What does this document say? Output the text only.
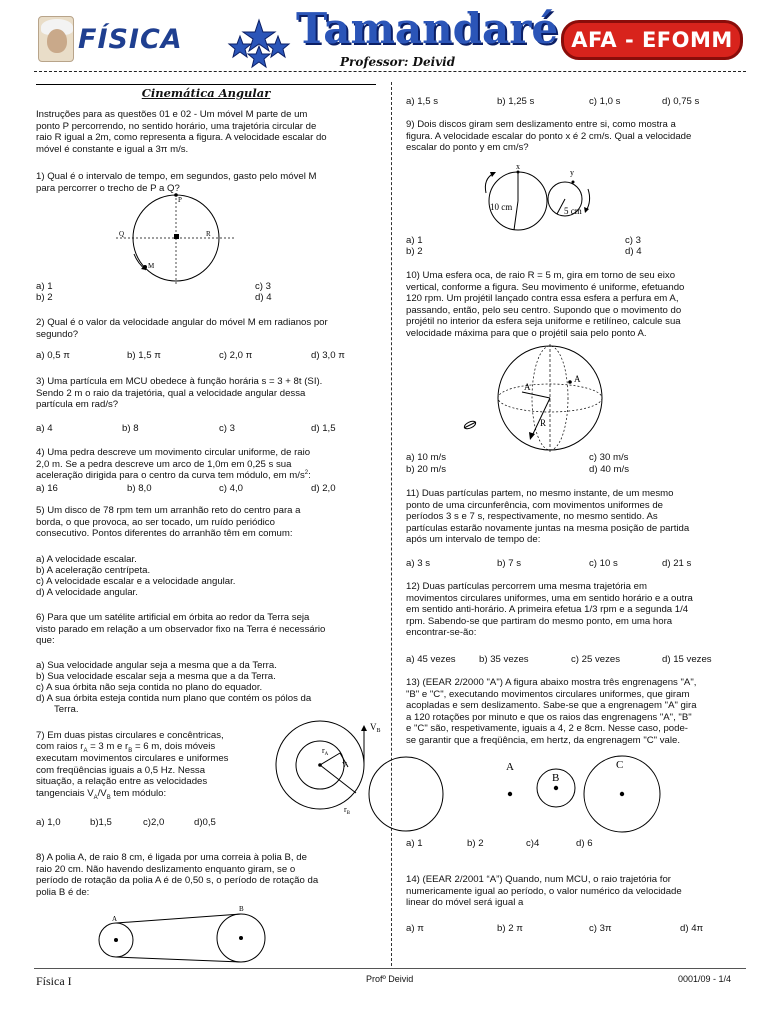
FÍSICA	Tamandaré
Professor: Deivid
AFA - EFOMM
Cinemática Angular
Instruções para as questões 01 e 02 - Um móvel M parte de um
ponto P percorrendo, no sentido horário, uma trajetória circular de
raio R igual a 2m, como representa a figura. A velocidade escalar do
móvel é constante e igual a 3π m/s.
1) Qual é o intervalo de tempo, em segundos, gasto pelo móvel M
para percorrer o trecho de P a Q?
P
Q	R
M
a) 1	c) 3
b) 2	d) 4
2) Qual é o valor da velocidade angular do móvel M em radianos por
segundo?
a) 0,5 π	b) 1,5 π	c) 2,0 π	d) 3,0 π
3) Uma partícula em MCU obedece à função horária s = 3 + 8t (SI).
Sendo 2 m o raio da trajetória, qual a velocidade angular dessa
partícula em rad/s?
a) 4	b) 8	c) 3	d) 1,5
4) Uma pedra descreve um movimento circular uniforme, de raio
2,0 m. Se a pedra descreve um arco de 1,0m em 0,25 s sua
aceleração dirigida para o centro da curva tem módulo, em $m/s^2$:
a) 16	b) 8,0	c) 4,0	d) 2,0
5) Um disco de 78 rpm tem um arranhão reto do centro para a
borda, o que provoca, ao ser tocado, um ruído periódico
consecutivo. Pontos diferentes do arranhão têm em comum:
a) A velocidade escalar.
b) A aceleração centrípeta.
c) A velocidade escalar e a velocidade angular.
d) A velocidade angular.
6) Para que um satélite artificial em órbita ao redor da Terra seja
visto parado em relação a um observador fixo na Terra é necessário
que:
a) Sua velocidade angular seja a mesma que a da Terra.
b) Sua velocidade escalar seja a mesma que a da Terra.
c) A sua órbita não seja contida no plano do equador.
d) A sua órbita esteja contida num plano que contém os pólos da
Terra.
7) Em duas pistas circulares e concêntricas,
com raios $r_A = 3$ m e $r_B = 6$ m, dois móveis
executam movimentos circulares e uniformes
com freqüências iguais a 0,5 Hz. Nessa
situação, a relação entre as velocidades
tangenciais $V_A/V_B$ tem módulo:
$V_B$
$r_A$
V
$r_B$
a) 1,0	b)1,5	c)2,0	d)0,5
8) A polia A, de raio 8 cm, é ligada por uma correia à polia B, de
raio 20 cm. Não havendo deslizamento enquanto giram, se o
período de rotação da polia A é de 0,50 s, o período de rotação da
polia B é de:
A
B
a) 1,5 s	b) 1,25 s	c) 1,0 s	d) 0,75 s
9) Dois discos giram sem deslizamento entre si, como mostra a
figura. A velocidade escalar do ponto x é 2 cm/s. Qual a velocidade
escalar do ponto y em cm/s?
x
y
10 cm	5 cm
a) 1	c) 3
b) 2	d) 4
10) Uma esfera oca, de raio R = 5 m, gira em torno de seu eixo
vertical, conforme a figura. Seu movimento é uniforme, efetuando
120 rpm. Um projétil lançado contra essa esfera a perfura em A,
passando, então, pelo seu centro. Supondo que o movimento do
projétil no interior da esfera seja uniforme e retilíneo, calcule sua
velocidade máxima para que o projétil saia pelo ponto A.
A
A
R
a) 10 m/s	c) 30 m/s
b) 20 m/s	d) 40 m/s
11) Duas partículas partem, no mesmo instante, de um mesmo
ponto de uma circunferência, com movimentos uniformes de
períodos 3 s e 7 s, respectivamente, no mesmo sentido. As
partículas estarão novamente juntas na mesma posição de partida
após um intervalo de tempo de:
a) 3 s	b) 7 s	c) 10 s	d) 21 s
12) Duas partículas percorrem uma mesma trajetória em
movimentos circulares uniformes, uma em sentido horário e a outra
em sentido anti-horário. A primeira efetua 1/3 rpm e a segunda 1/4
rpm. Sabendo-se que partiram do mesmo ponto, em uma hora
encontrar-se-ão:
a) 45 vezes b) 35 vezes	c) 25 vezes	d) 15 vezes
13) (EEAR 2/2000 "A") A figura abaixo mostra três engrenagens "A",
"B" e "C", executando movimentos circulares uniformes, que giram
acopladas e sem deslizamento. Sabe-se que a engrenagem "A" gira
a 120 rotações por minuto e que os raios das engrenagens "A", "B"
e "C" são, respetivamente, iguais a 4, 2 e 8cm. Nesse caso, pode-
se garantir que a freqüência, em hertz, da engrenagem "C" vale.
A
B
C
a) 1	b) 2	c)4	d) 6
14) (EEAR 2/2001 “A”) Quando, num MCU, o raio trajetória for
numericamente igual ao período, o valor numérico da velocidade
linear do móvel será igual a
a) π	b) 2 π	c) 3π	d) 4π
Física I	Profº Deivid	0001/09 - 1/4
